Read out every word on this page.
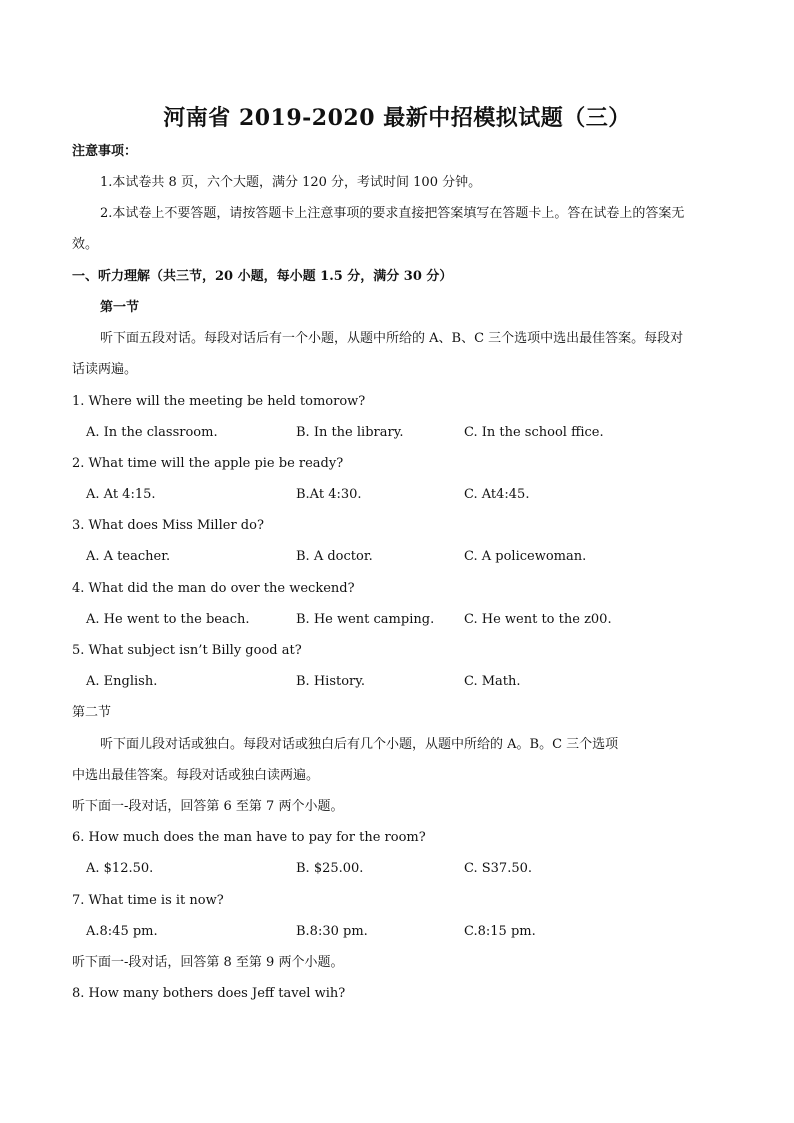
河南省 2019-2020 最新中招模拟试题（三）
注意事项：
1.本试卷共 8 页，六个大题，满分 120 分，考试时间 100 分钟。
2.本试卷上不要答题，请按答题卡上注意事项的要求直接把答案填写在答题卡上。答在试卷上的答案无
效。
一、听力理解（共三节，20 小题，每小题 1.5 分，满分 30 分）
第一节
听下面五段对话。每段对话后有一个小题，从题中所给的 A、B、C 三个选项中选出最佳答案。每段对
话读两遍。
1. Where will the meeting be held tomorow?
A. In the classroom.	B. In the library.	C. In the school ffice.
2. What time will the apple pie be ready?
A. At 4:15.	B.At 4:30.	C. At4:45.
3. What does Miss Miller do?
A. A teacher.	B. A doctor.	C. A policewoman.
4. What did the man do over the weckend?
A. He went to the beach.	B. He went camping. C. He went to the z00.
5. What subject isn’t Billy good at?
A. English.	B. History.	C. Math.
第二节
听下面儿段对话或独白。每段对话或独白后有几个小题，从题中所给的 A。B。C 三个选项
中选出最佳答案。每段对话或独白读两遍。
听下面一-段对话，回答第 6 至第 7 两个小题。
6. How much does the man have to pay for the room?
A. $12.50.	B. $25.00.	C. S37.50.
7. What time is it now?
A.8:45 pm.	B.8:30 pm.	C.8:15 pm.
听下面一-段对话，回答第 8 至第 9 两个小题。
8. How many bothers does Jeff tavel wih?
